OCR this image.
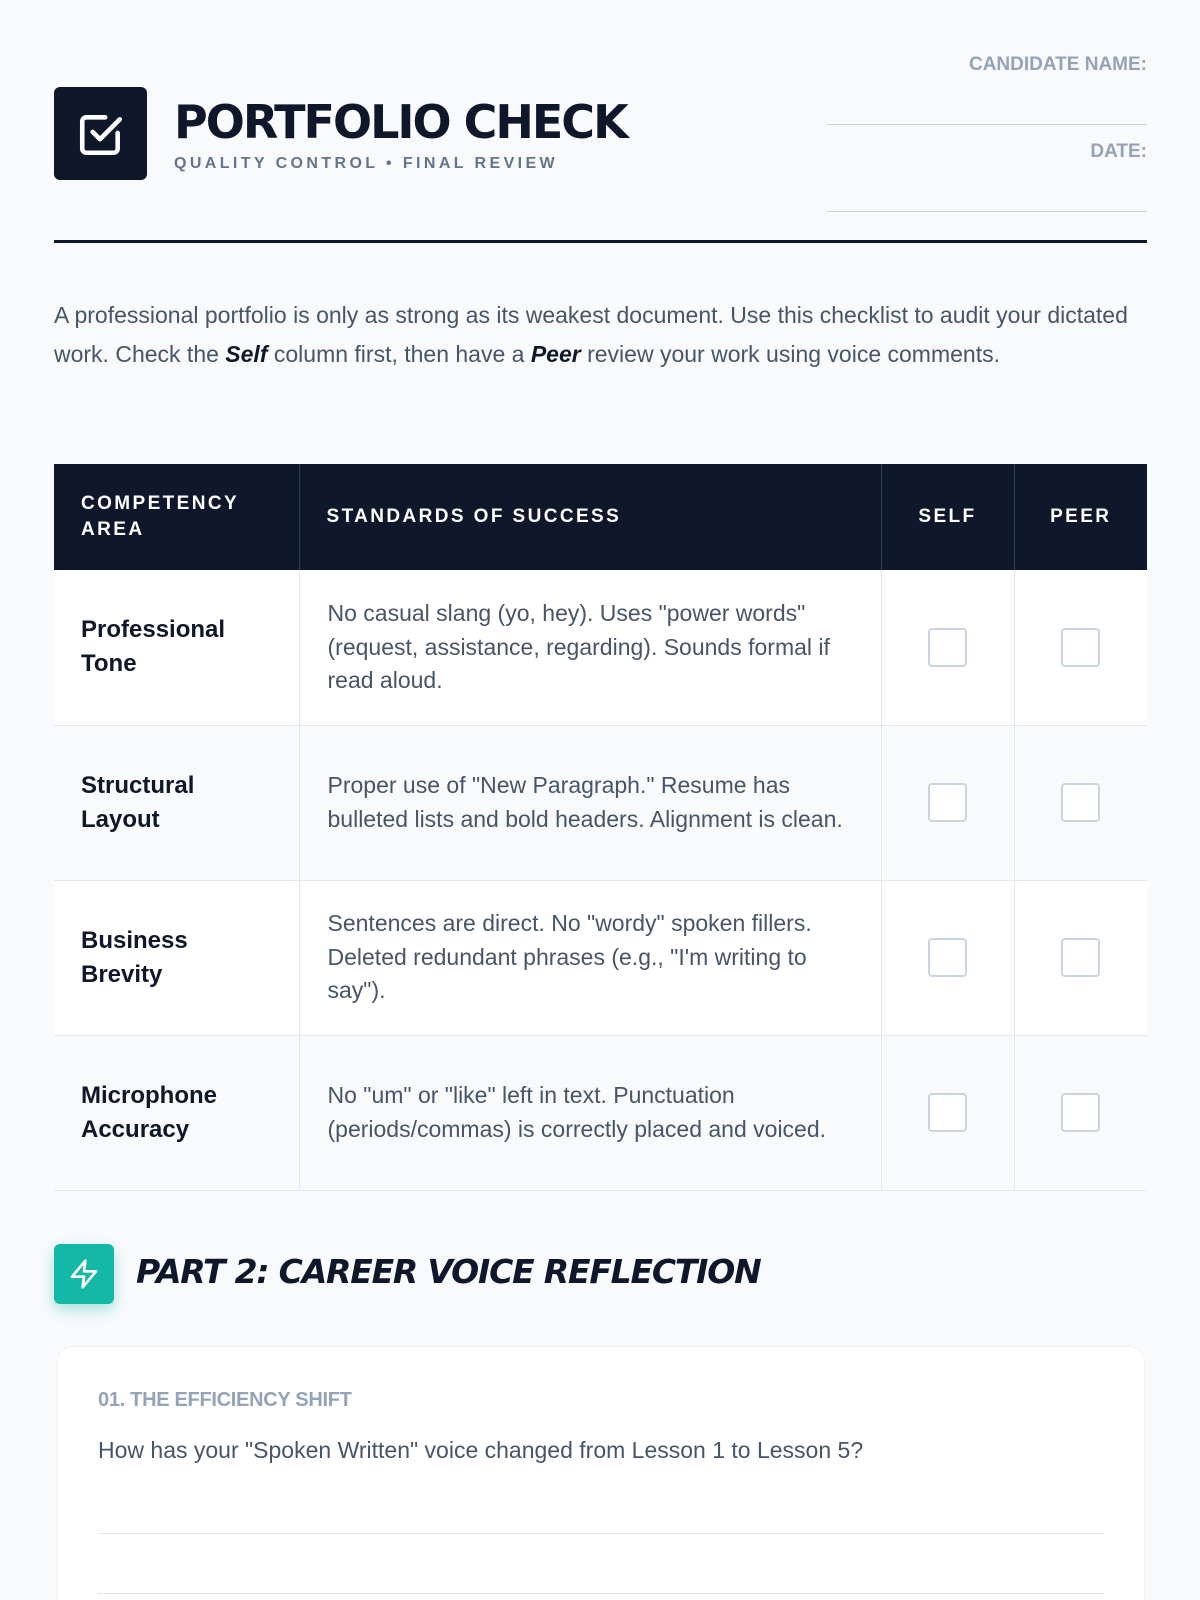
PORTFOLIO CHECK
QUALITY CONTROL • FINAL REVIEW
CANDIDATE NAME:
DATE:

A professional portfolio is only as strong as its weakest document. Use this checklist to audit your dictated work. Check the Self column first, then have a Peer review your work using voice comments.

COMPETENCY AREA	STANDARDS OF SUCCESS	SELF	PEER
Professional Tone	No casual slang (yo, hey). Uses "power words" (request, assistance, regarding). Sounds formal if read aloud.		
Structural Layout	Proper use of "New Paragraph." Resume has bulleted lists and bold headers. Alignment is clean.		
Business Brevity	Sentences are direct. No "wordy" spoken fillers. Deleted redundant phrases (e.g., "I'm writing to say").		
Microphone Accuracy	No "um" or "like" left in text. Punctuation (periods/commas) is correctly placed and voiced.		
PART 2: CAREER VOICE REFLECTION
01. THE EFFICIENCY SHIFT
How has your "Spoken Written" voice changed from Lesson 1 to Lesson 5?
